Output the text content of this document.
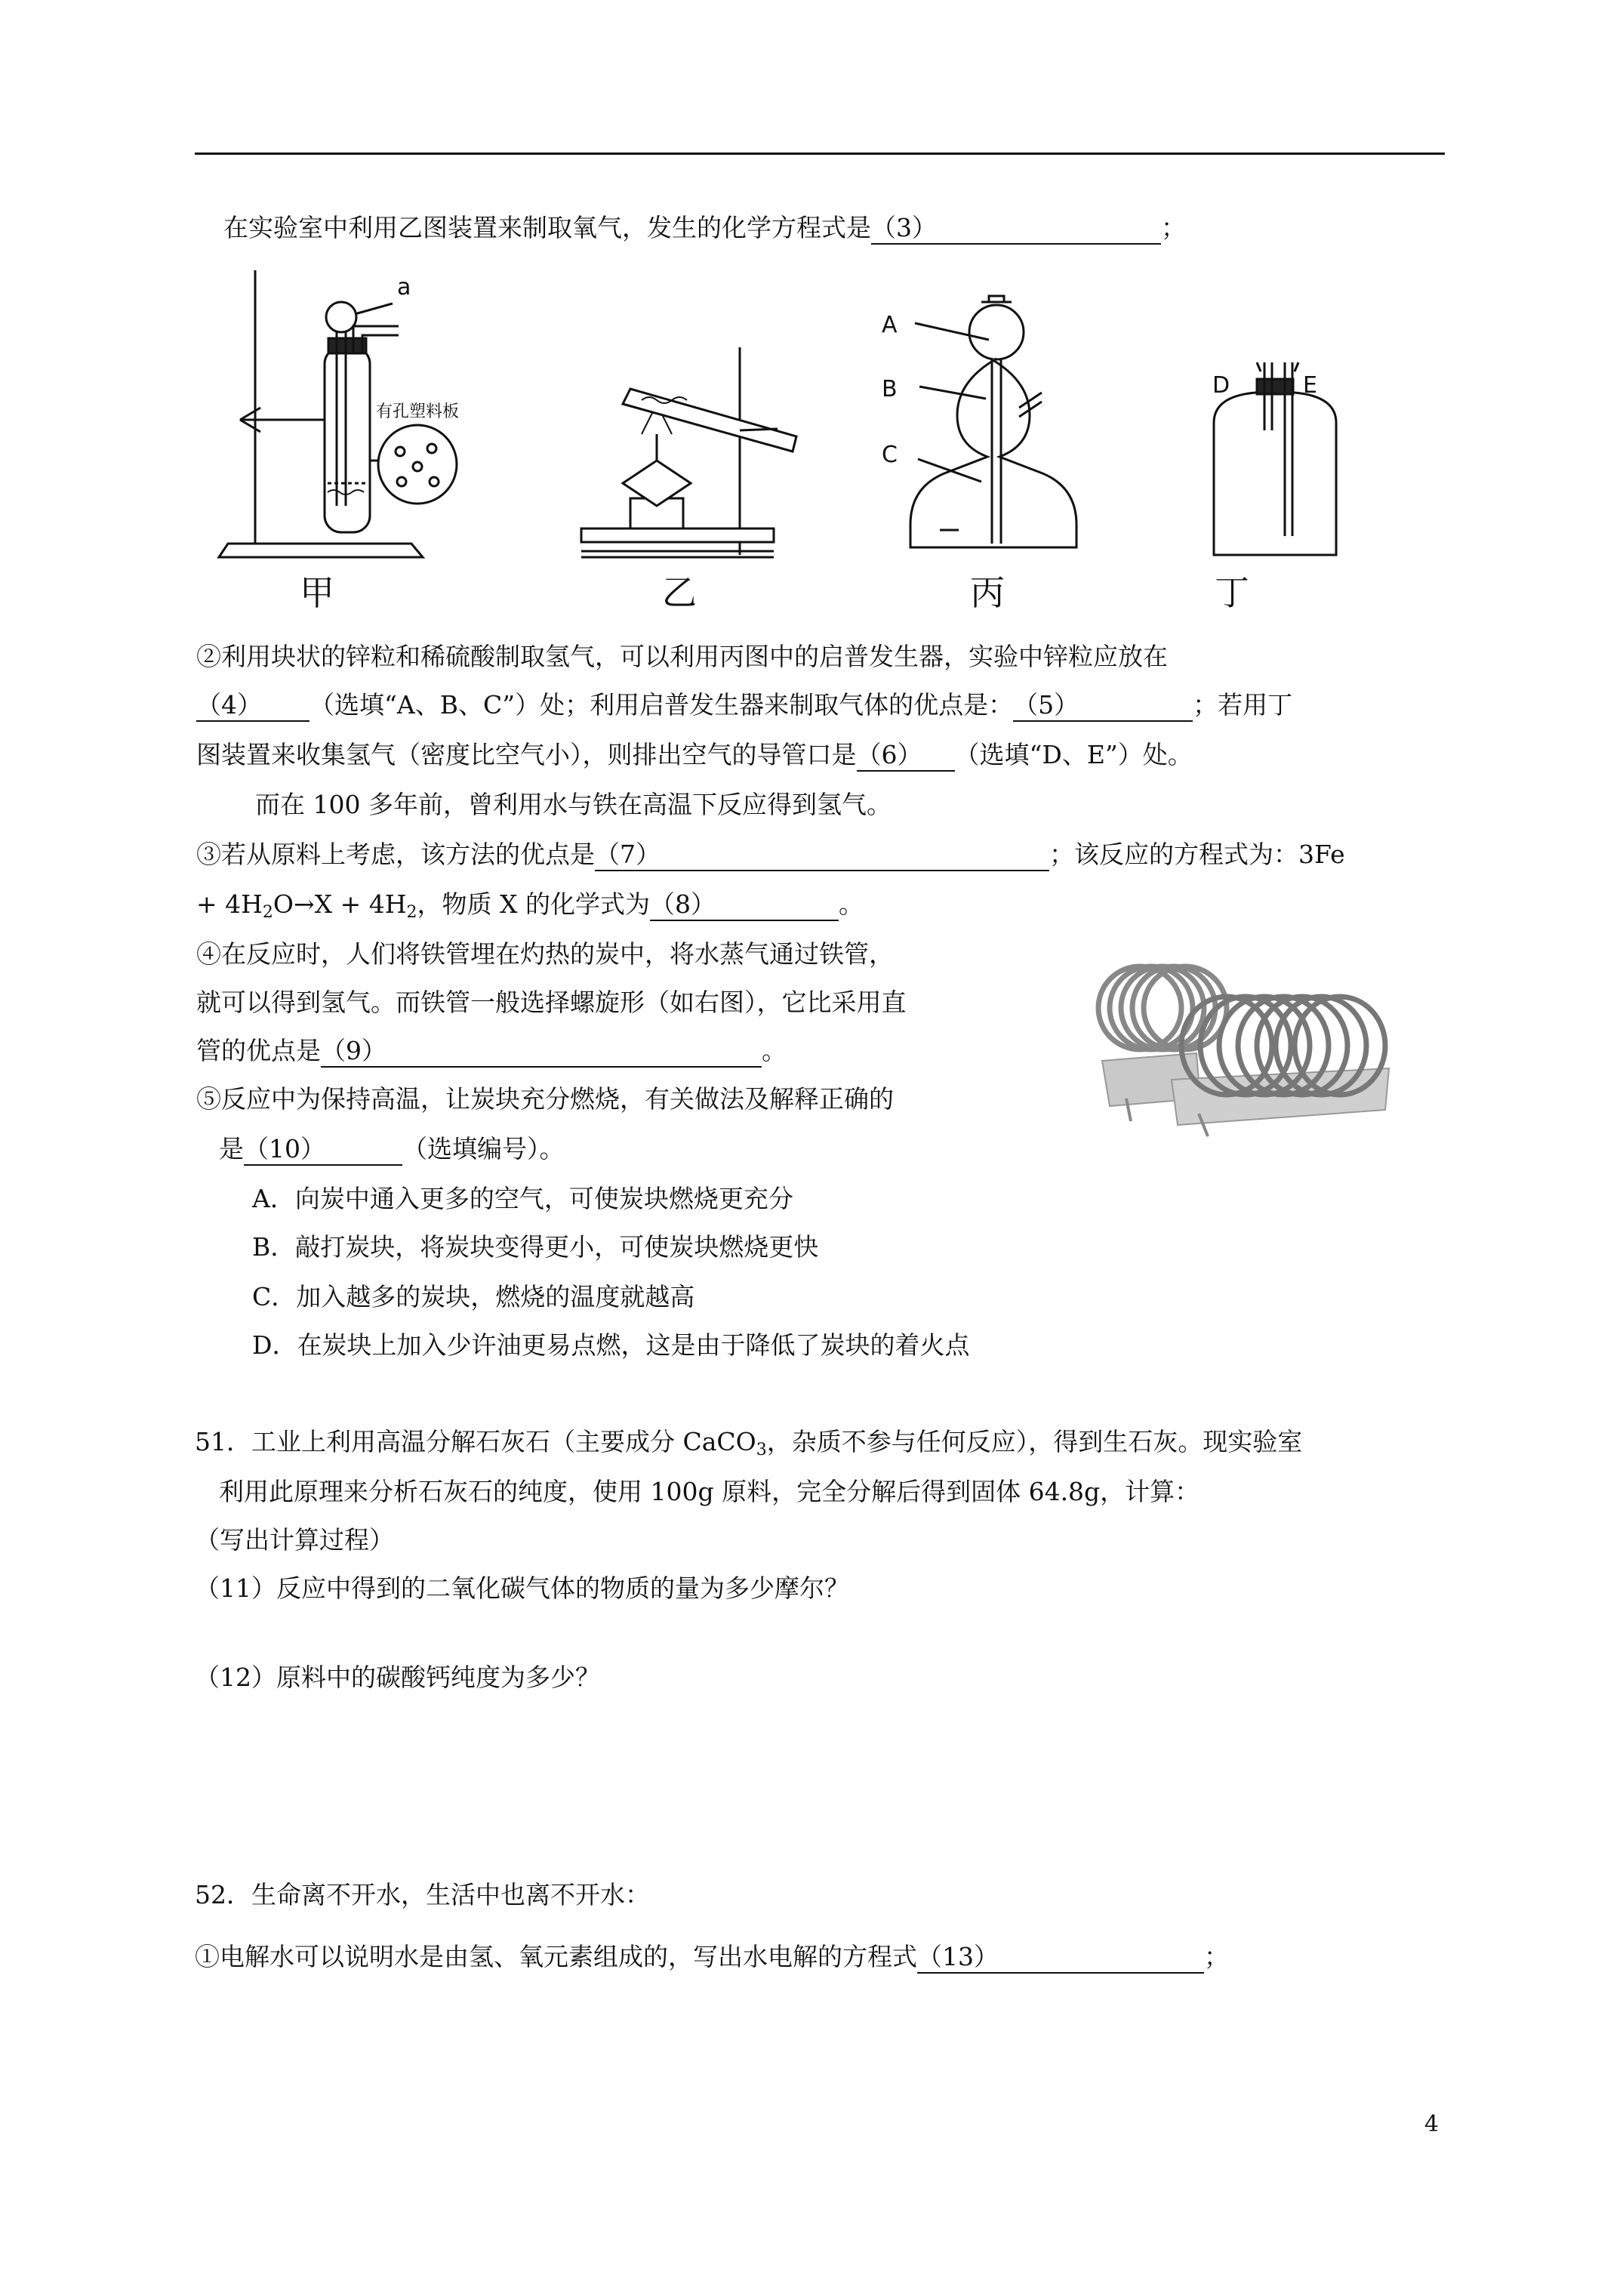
在实验室中利用乙图装置来制取氧气，发生的化学方程式是（3）	；
a
有孔塑料板
A
B
C
D	E
甲	乙	丙	丁
②利用块状的锌粒和稀硫酸制取氢气，可以利用丙图中的启普发生器，实验中锌粒应放在
（4） （选填“A、B、C”）处；利用启普发生器来制取气体的优点是：（5）	；若用丁
图装置来收集氢气（密度比空气小），则排出空气的导管口是（6） （选填“D、E”）处。
而在 100 多年前，曾利用水与铁在高温下反应得到氢气。
③若从原料上考虑，该方法的优点是（7）	；该反应的方程式为：3Fe
+ $4H_2O\to X + 4H_2$，物质 X 的化学式为（8）	。
④在反应时，人们将铁管埋在灼热的炭中，将水蒸气通过铁管，
就可以得到氢气。而铁管一般选择螺旋形（如右图），它比采用直
管的优点是（9）	。
⑤反应中为保持高温，让炭块充分燃烧，有关做法及解释正确的
是（10）	（选填编号）。
A．向炭中通入更多的空气，可使炭块燃烧更充分
B．敲打炭块，将炭块变得更小，可使炭块燃烧更快
C．加入越多的炭块，燃烧的温度就越高
D．在炭块上加入少许油更易点燃，这是由于降低了炭块的着火点
51．工业上利用高温分解石灰石（主要成分 CaCO$_3$，杂质不参与任何反应），得到生石灰。现实验室
利用此原理来分析石灰石的纯度，使用 100g 原料，完全分解后得到固体 64.8g，计算：
（写出计算过程）
（11）反应中得到的二氧化碳气体的物质的量为多少摩尔？
（12）原料中的碳酸钙纯度为多少？
52．生命离不开水，生活中也离不开水：
①电解水可以说明水是由氢、氧元素组成的，写出水电解的方程式（13）	；
4
